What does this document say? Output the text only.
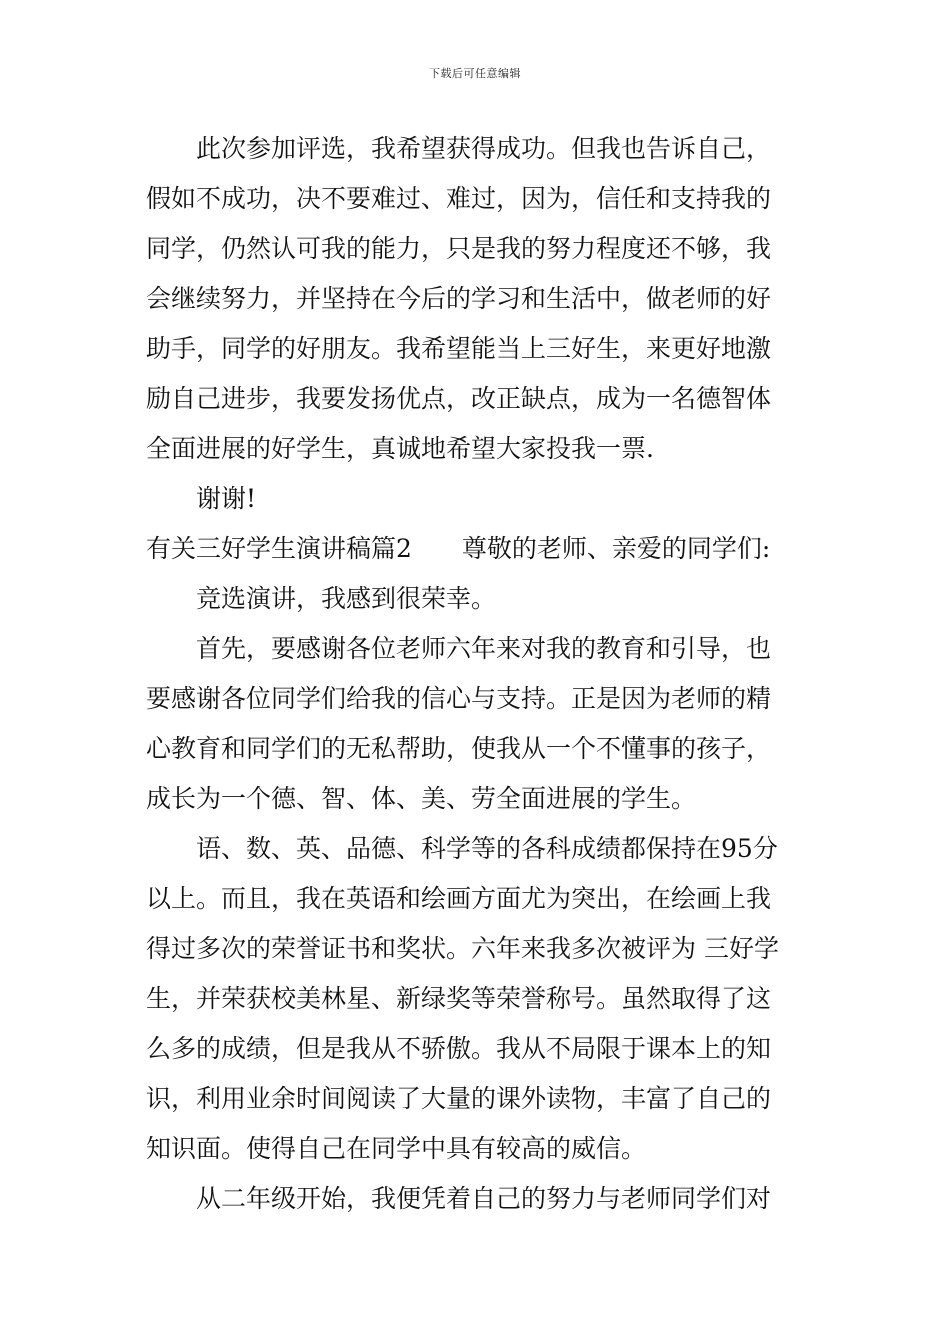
下载后可任意编辑
此次参加评选，我希望获得成功。但我也告诉自己，
假如不成功，决不要难过、难过，因为，信任和支持我的
同学，仍然认可我的能力，只是我的努力程度还不够，我
会继续努力，并坚持在今后的学习和生活中，做老师的好
助手，同学的好朋友。我希望能当上三好生，来更好地激
励自己进步，我要发扬优点，改正缺点，成为一名德智体
全面进展的好学生，真诚地希望大家投我一票.
谢谢!
有关三好学生演讲稿篇2　　尊敬的老师、亲爱的同学们:
竞选演讲，我感到很荣幸。
首先，要感谢各位老师六年来对我的教育和引导，也
要感谢各位同学们给我的信心与支持。正是因为老师的精
心教育和同学们的无私帮助，使我从一个不懂事的孩子，
成长为一个德、智、体、美、劳全面进展的学生。
语、数、英、品德、科学等的各科成绩都保持在95分
以上。而且，我在英语和绘画方面尤为突出，在绘画上我
得过多次的荣誉证书和奖状。六年来我多次被评为 三好学
生，并荣获校美林星、新绿奖等荣誉称号。虽然取得了这
么多的成绩，但是我从不骄傲。我从不局限于课本上的知
识，利用业余时间阅读了大量的课外读物，丰富了自己的
知识面。使得自己在同学中具有较高的威信。
从二年级开始，我便凭着自己的努力与老师同学们对
